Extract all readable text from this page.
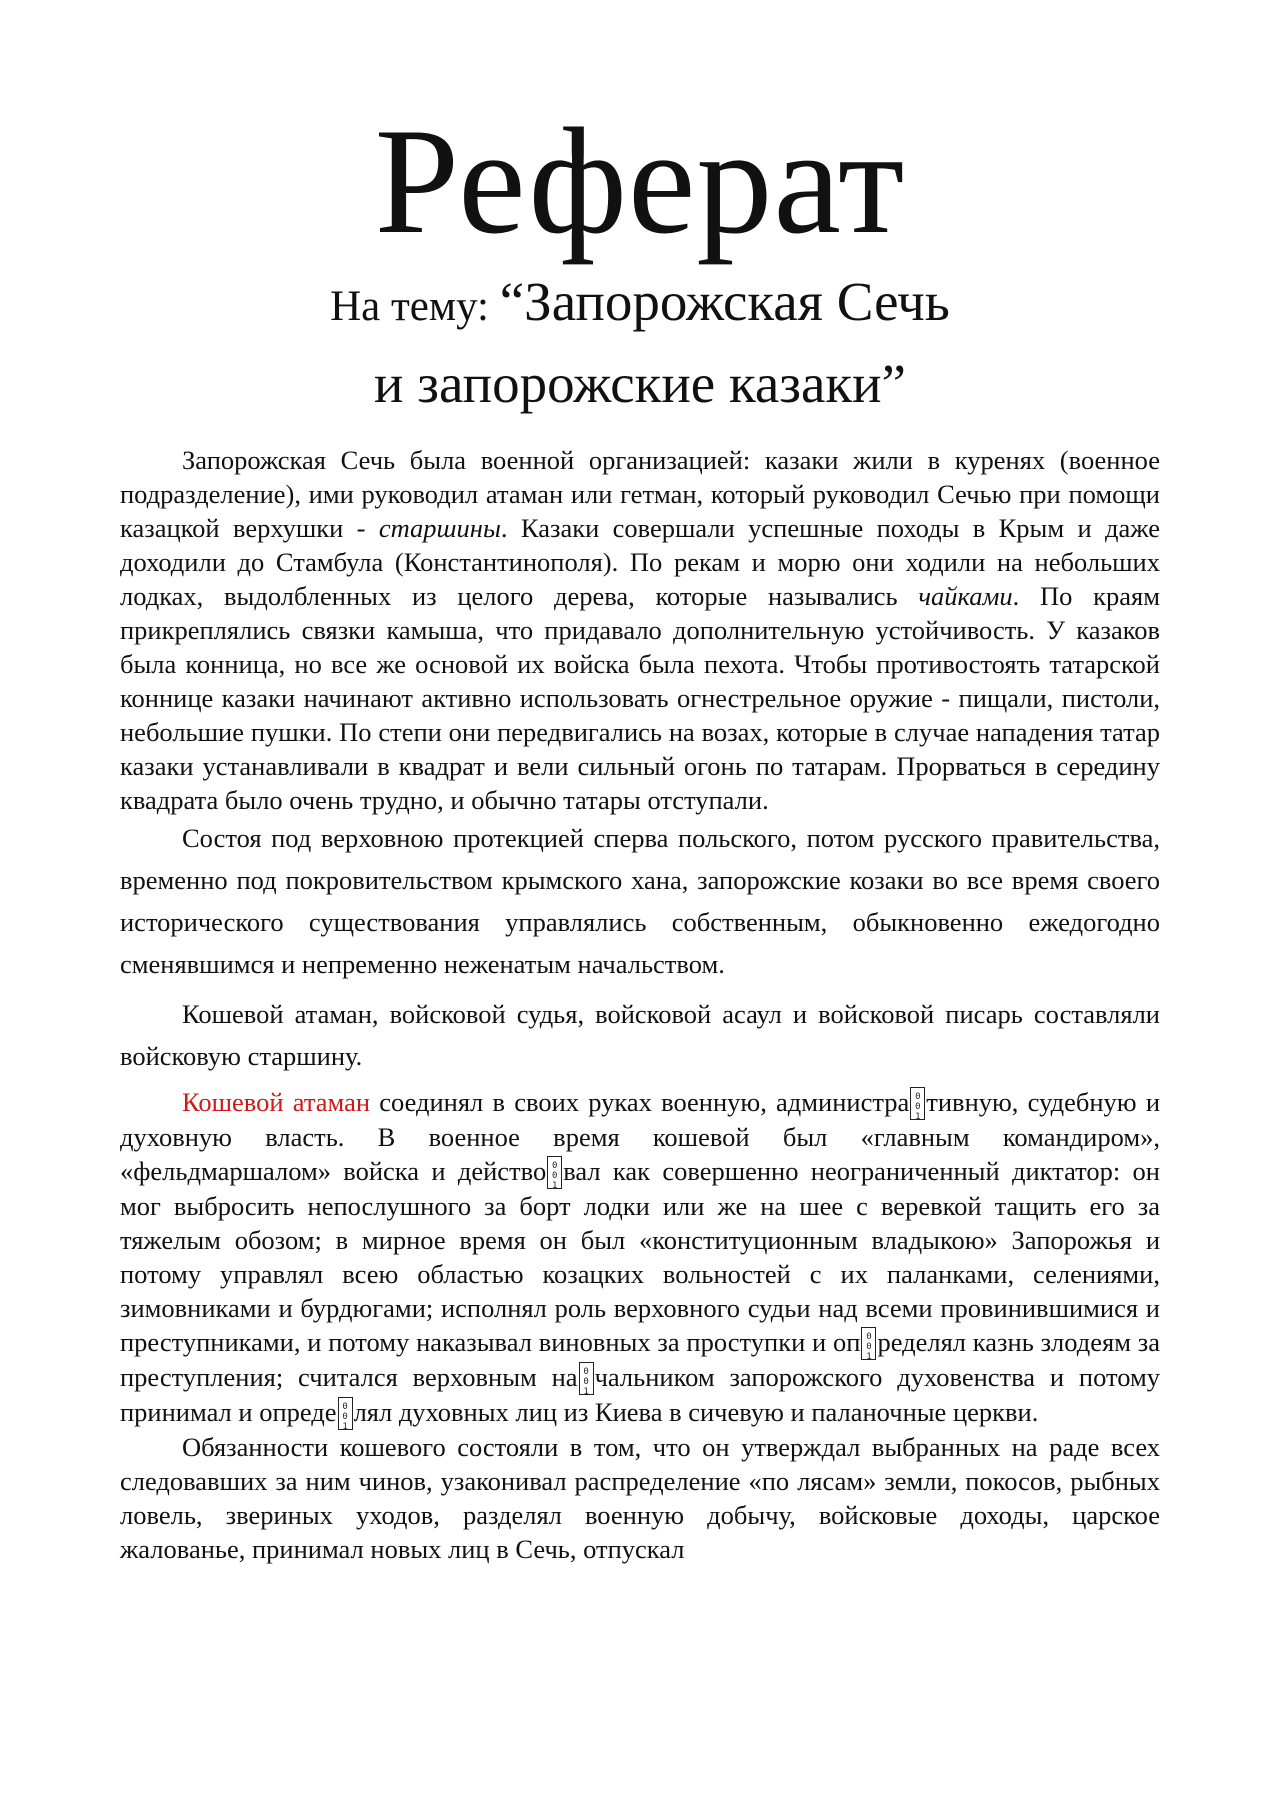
Реферат
На тему: “Запорожская Сечь
и запорожские казаки”

Запорожская Сечь была военной организацией: казаки жили в куренях (военное подразделение), ими руководил атаман или гетман, который руководил Сечью при помощи казацкой верхушки - старшины. Казаки совершали успешные походы в Крым и даже доходили до Стамбула (Константинополя). По рекам и морю они ходили на небольших лодках, выдолбленных из целого дерева, которые назывались чайками. По краям прикреплялись связки камыша, что придавало дополнительную устойчивость. У казаков была конница, но все же основой их войска была пехота. Чтобы противостоять татарской коннице казаки начинают активно использовать огнестрельное оружие - пищали, пистоли, небольшие пушки. По степи они передвигались на возах, которые в случае нападения татар казаки устанавливали в квадрат и вели сильный огонь по татарам. Прорваться в середину квадрата было очень трудно, и обычно татары отступали.

Состоя под верховною протекцией сперва польского, потом русского правительства, временно под покровительством крымского хана, запорожские козаки во все время своего исторического существования управлялись собственным, обыкновенно ежедогодно сменявшимся и непременно неженатым начальством.

Кошевой атаман, войсковой судья, войсковой асаул и войсковой писарь составляли войсковую старшину.

Кошевой атаман соединял в своих руках военную, администра 0 0 1 тивную, судебную и духовную власть. В военное время кошевой был «главным командиром», «фельдмаршалом» войска и действо 0 0 1 вал как совершенно неограниченный диктатор: он мог выбросить непослушного за борт лодки или же на шее с веревкой тащить его за тяжелым обозом; в мирное время он был «конституционным владыкою» Запорожья и потому управлял всею областью козацких вольностей с их паланками, селениями, зимовниками и бурдюгами; исполнял роль верховного судьи над всеми провинившимися и преступниками, и потому наказывал виновных за проступки и оп 0 0 1 ределял казнь злодеям за преступления; считался верховным на 0 0 1 чальником запорожского духовенства и потому принимал и опреде 0 0 1 лял духовных лиц из Киева в сичевую и паланочные церкви.

Обязанности кошевого состояли в том, что он утверждал выбранных на раде всех следовавших за ним чинов, узаконивал распределение «по лясам» земли, покосов, рыбных ловель, звериных уходов, разделял военную добычу, войсковые доходы, царское жалованье, принимал новых лиц в Сечь, отпускал
